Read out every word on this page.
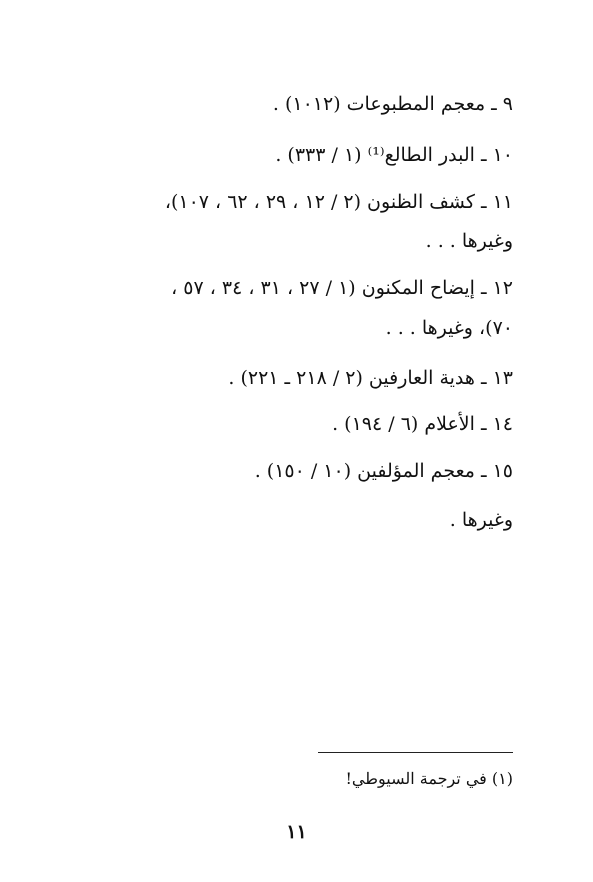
٩ ـ معجم المطبوعات (١٠١٢) .
١٠ ـ البدر الطالع⁽¹⁾ (١ / ٣٣٣) .
١١ ـ كشف الظنون (٢ / ١٢ ، ٢٩ ، ٦٢ ، ١٠٧)،
وغيرها . . .
١٢ ـ إيضاح المكنون (١ / ٢٧ ، ٣١ ، ٣٤ ، ٥٧ ،
٧٠)، وغيرها . . .
١٣ ـ هدية العارفين (٢ / ٢١٨ ـ ٢٢١) .
١٤ ـ الأعلام (٦ / ١٩٤) .
١٥ ـ معجم المؤلفين (١٠ / ١٥٠) .
وغيرها .
(١) في ترجمة السيوطي!
١١
